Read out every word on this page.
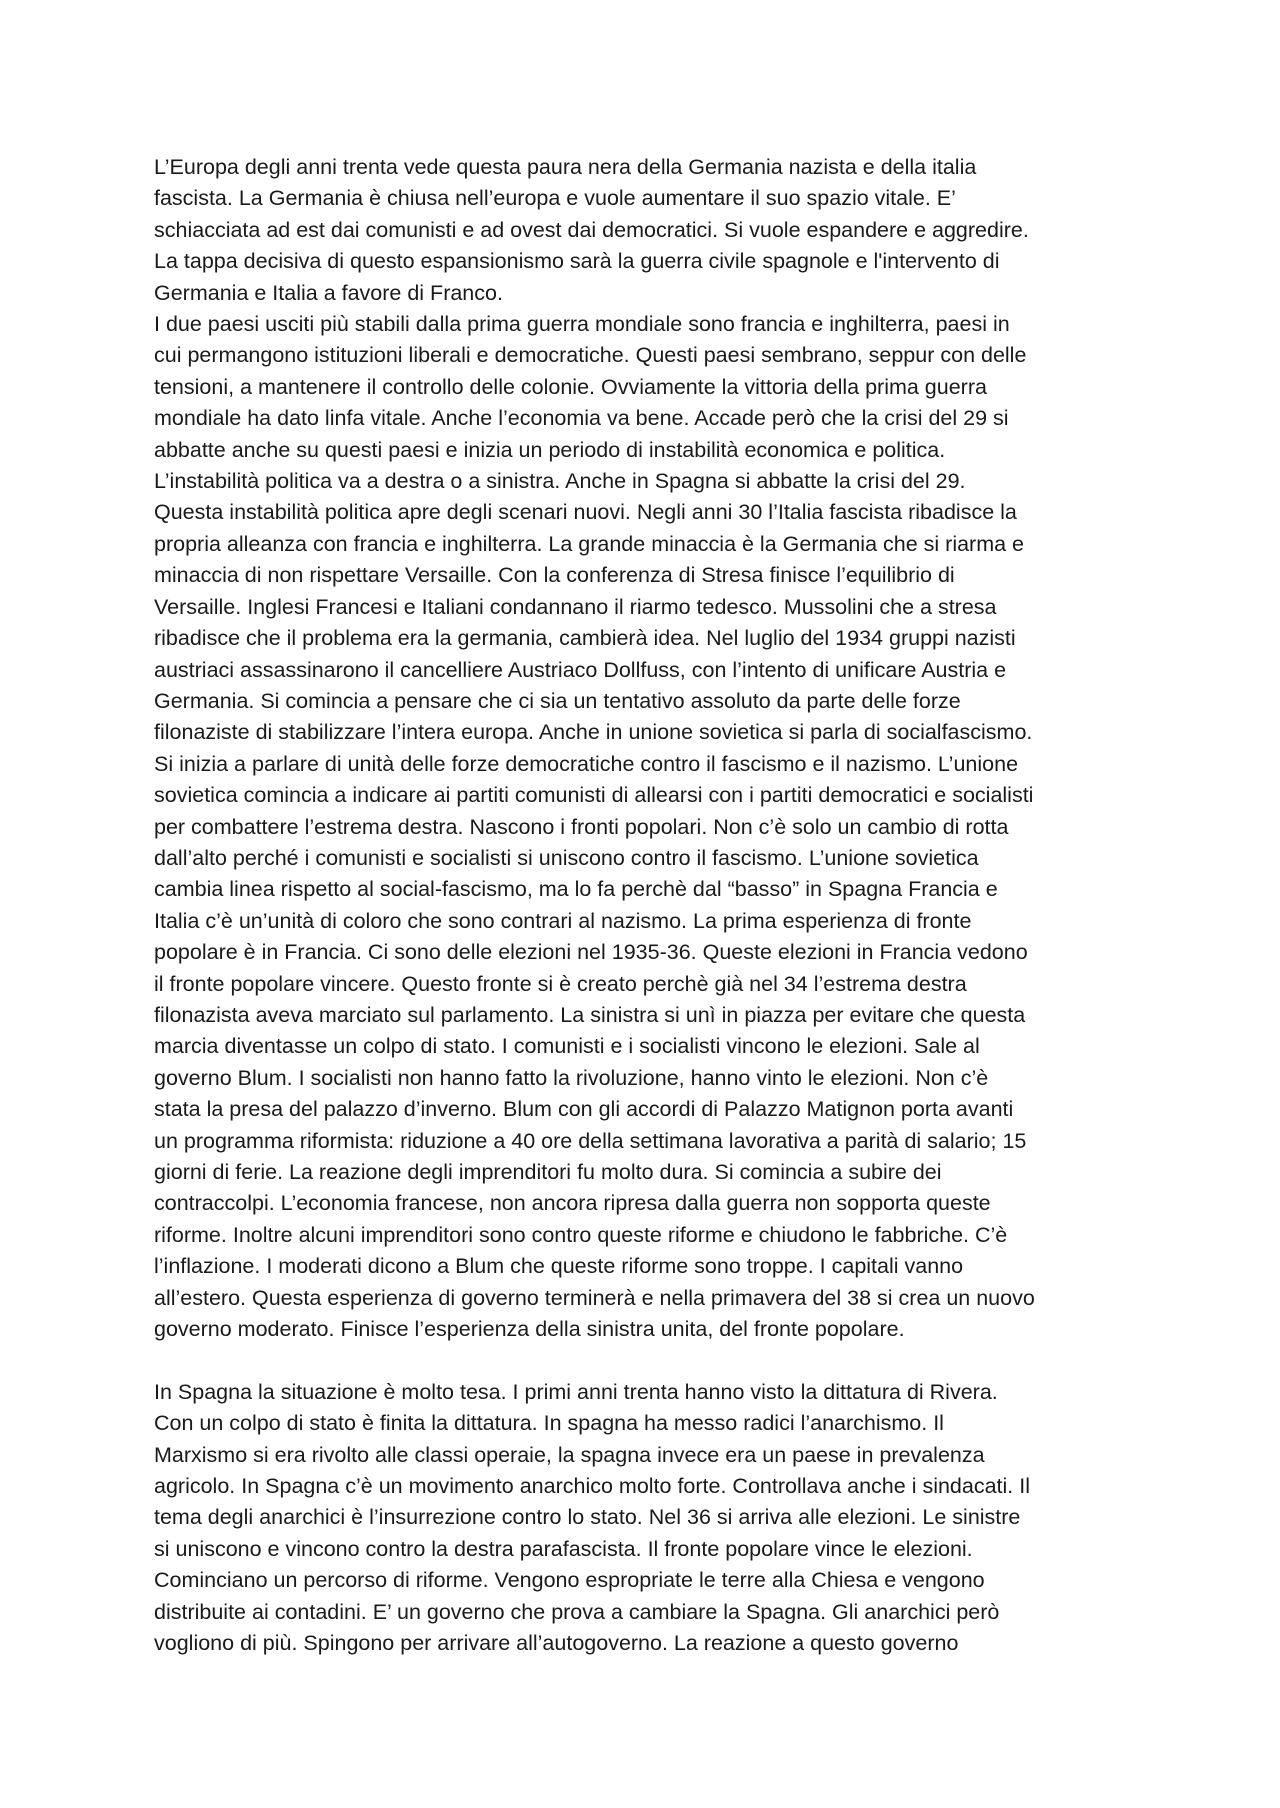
L’Europa degli anni trenta vede questa paura nera della Germania nazista e della italia
fascista. La Germania è chiusa nell’europa e vuole aumentare il suo spazio vitale. E’
schiacciata ad est dai comunisti e ad ovest dai democratici. Si vuole espandere e aggredire.
La tappa decisiva di questo espansionismo sarà la guerra civile spagnole e l'intervento di
Germania e Italia a favore di Franco.
I due paesi usciti più stabili dalla prima guerra mondiale sono francia e inghilterra, paesi in
cui permangono istituzioni liberali e democratiche. Questi paesi sembrano, seppur con delle
tensioni, a mantenere il controllo delle colonie. Ovviamente la vittoria della prima guerra
mondiale ha dato linfa vitale. Anche l’economia va bene. Accade però che la crisi del 29 si
abbatte anche su questi paesi e inizia un periodo di instabilità economica e politica.
L’instabilità politica va a destra o a sinistra. Anche in Spagna si abbatte la crisi del 29.
Questa instabilità politica apre degli scenari nuovi. Negli anni 30 l’Italia fascista ribadisce la
propria alleanza con francia e inghilterra. La grande minaccia è la Germania che si riarma e
minaccia di non rispettare Versaille. Con la conferenza di Stresa finisce l’equilibrio di
Versaille. Inglesi Francesi e Italiani condannano il riarmo tedesco. Mussolini che a stresa
ribadisce che il problema era la germania, cambierà idea. Nel luglio del 1934 gruppi nazisti
austriaci assassinarono il cancelliere Austriaco Dollfuss, con l’intento di unificare Austria e
Germania. Si comincia a pensare che ci sia un tentativo assoluto da parte delle forze
filonaziste di stabilizzare l’intera europa. Anche in unione sovietica si parla di socialfascismo.
Si inizia a parlare di unità delle forze democratiche contro il fascismo e il nazismo. L’unione
sovietica comincia a indicare ai partiti comunisti di allearsi con i partiti democratici e socialisti
per combattere l’estrema destra. Nascono i fronti popolari. Non c’è solo un cambio di rotta
dall’alto perché i comunisti e socialisti si uniscono contro il fascismo. L’unione sovietica
cambia linea rispetto al social-fascismo, ma lo fa perchè dal “basso” in Spagna Francia e
Italia c’è un’unità di coloro che sono contrari al nazismo. La prima esperienza di fronte
popolare è in Francia. Ci sono delle elezioni nel 1935-36. Queste elezioni in Francia vedono
il fronte popolare vincere. Questo fronte si è creato perchè già nel 34 l’estrema destra
filonazista aveva marciato sul parlamento. La sinistra si unì in piazza per evitare che questa
marcia diventasse un colpo di stato. I comunisti e i socialisti vincono le elezioni. Sale al
governo Blum. I socialisti non hanno fatto la rivoluzione, hanno vinto le elezioni. Non c’è
stata la presa del palazzo d’inverno. Blum con gli accordi di Palazzo Matignon porta avanti
un programma riformista: riduzione a 40 ore della settimana lavorativa a parità di salario; 15
giorni di ferie. La reazione degli imprenditori fu molto dura. Si comincia a subire dei
contraccolpi. L’economia francese, non ancora ripresa dalla guerra non sopporta queste
riforme. Inoltre alcuni imprenditori sono contro queste riforme e chiudono le fabbriche. C’è
l’inflazione. I moderati dicono a Blum che queste riforme sono troppe. I capitali vanno
all’estero. Questa esperienza di governo terminerà e nella primavera del 38 si crea un nuovo
governo moderato. Finisce l’esperienza della sinistra unita, del fronte popolare.
In Spagna la situazione è molto tesa. I primi anni trenta hanno visto la dittatura di Rivera.
Con un colpo di stato è finita la dittatura. In spagna ha messo radici l’anarchismo. Il
Marxismo si era rivolto alle classi operaie, la spagna invece era un paese in prevalenza
agricolo. In Spagna c’è un movimento anarchico molto forte. Controllava anche i sindacati. Il
tema degli anarchici è l’insurrezione contro lo stato. Nel 36 si arriva alle elezioni. Le sinistre
si uniscono e vincono contro la destra parafascista. Il fronte popolare vince le elezioni.
Cominciano un percorso di riforme. Vengono espropriate le terre alla Chiesa e vengono
distribuite ai contadini. E’ un governo che prova a cambiare la Spagna. Gli anarchici però
vogliono di più. Spingono per arrivare all’autogoverno. La reazione a questo governo
